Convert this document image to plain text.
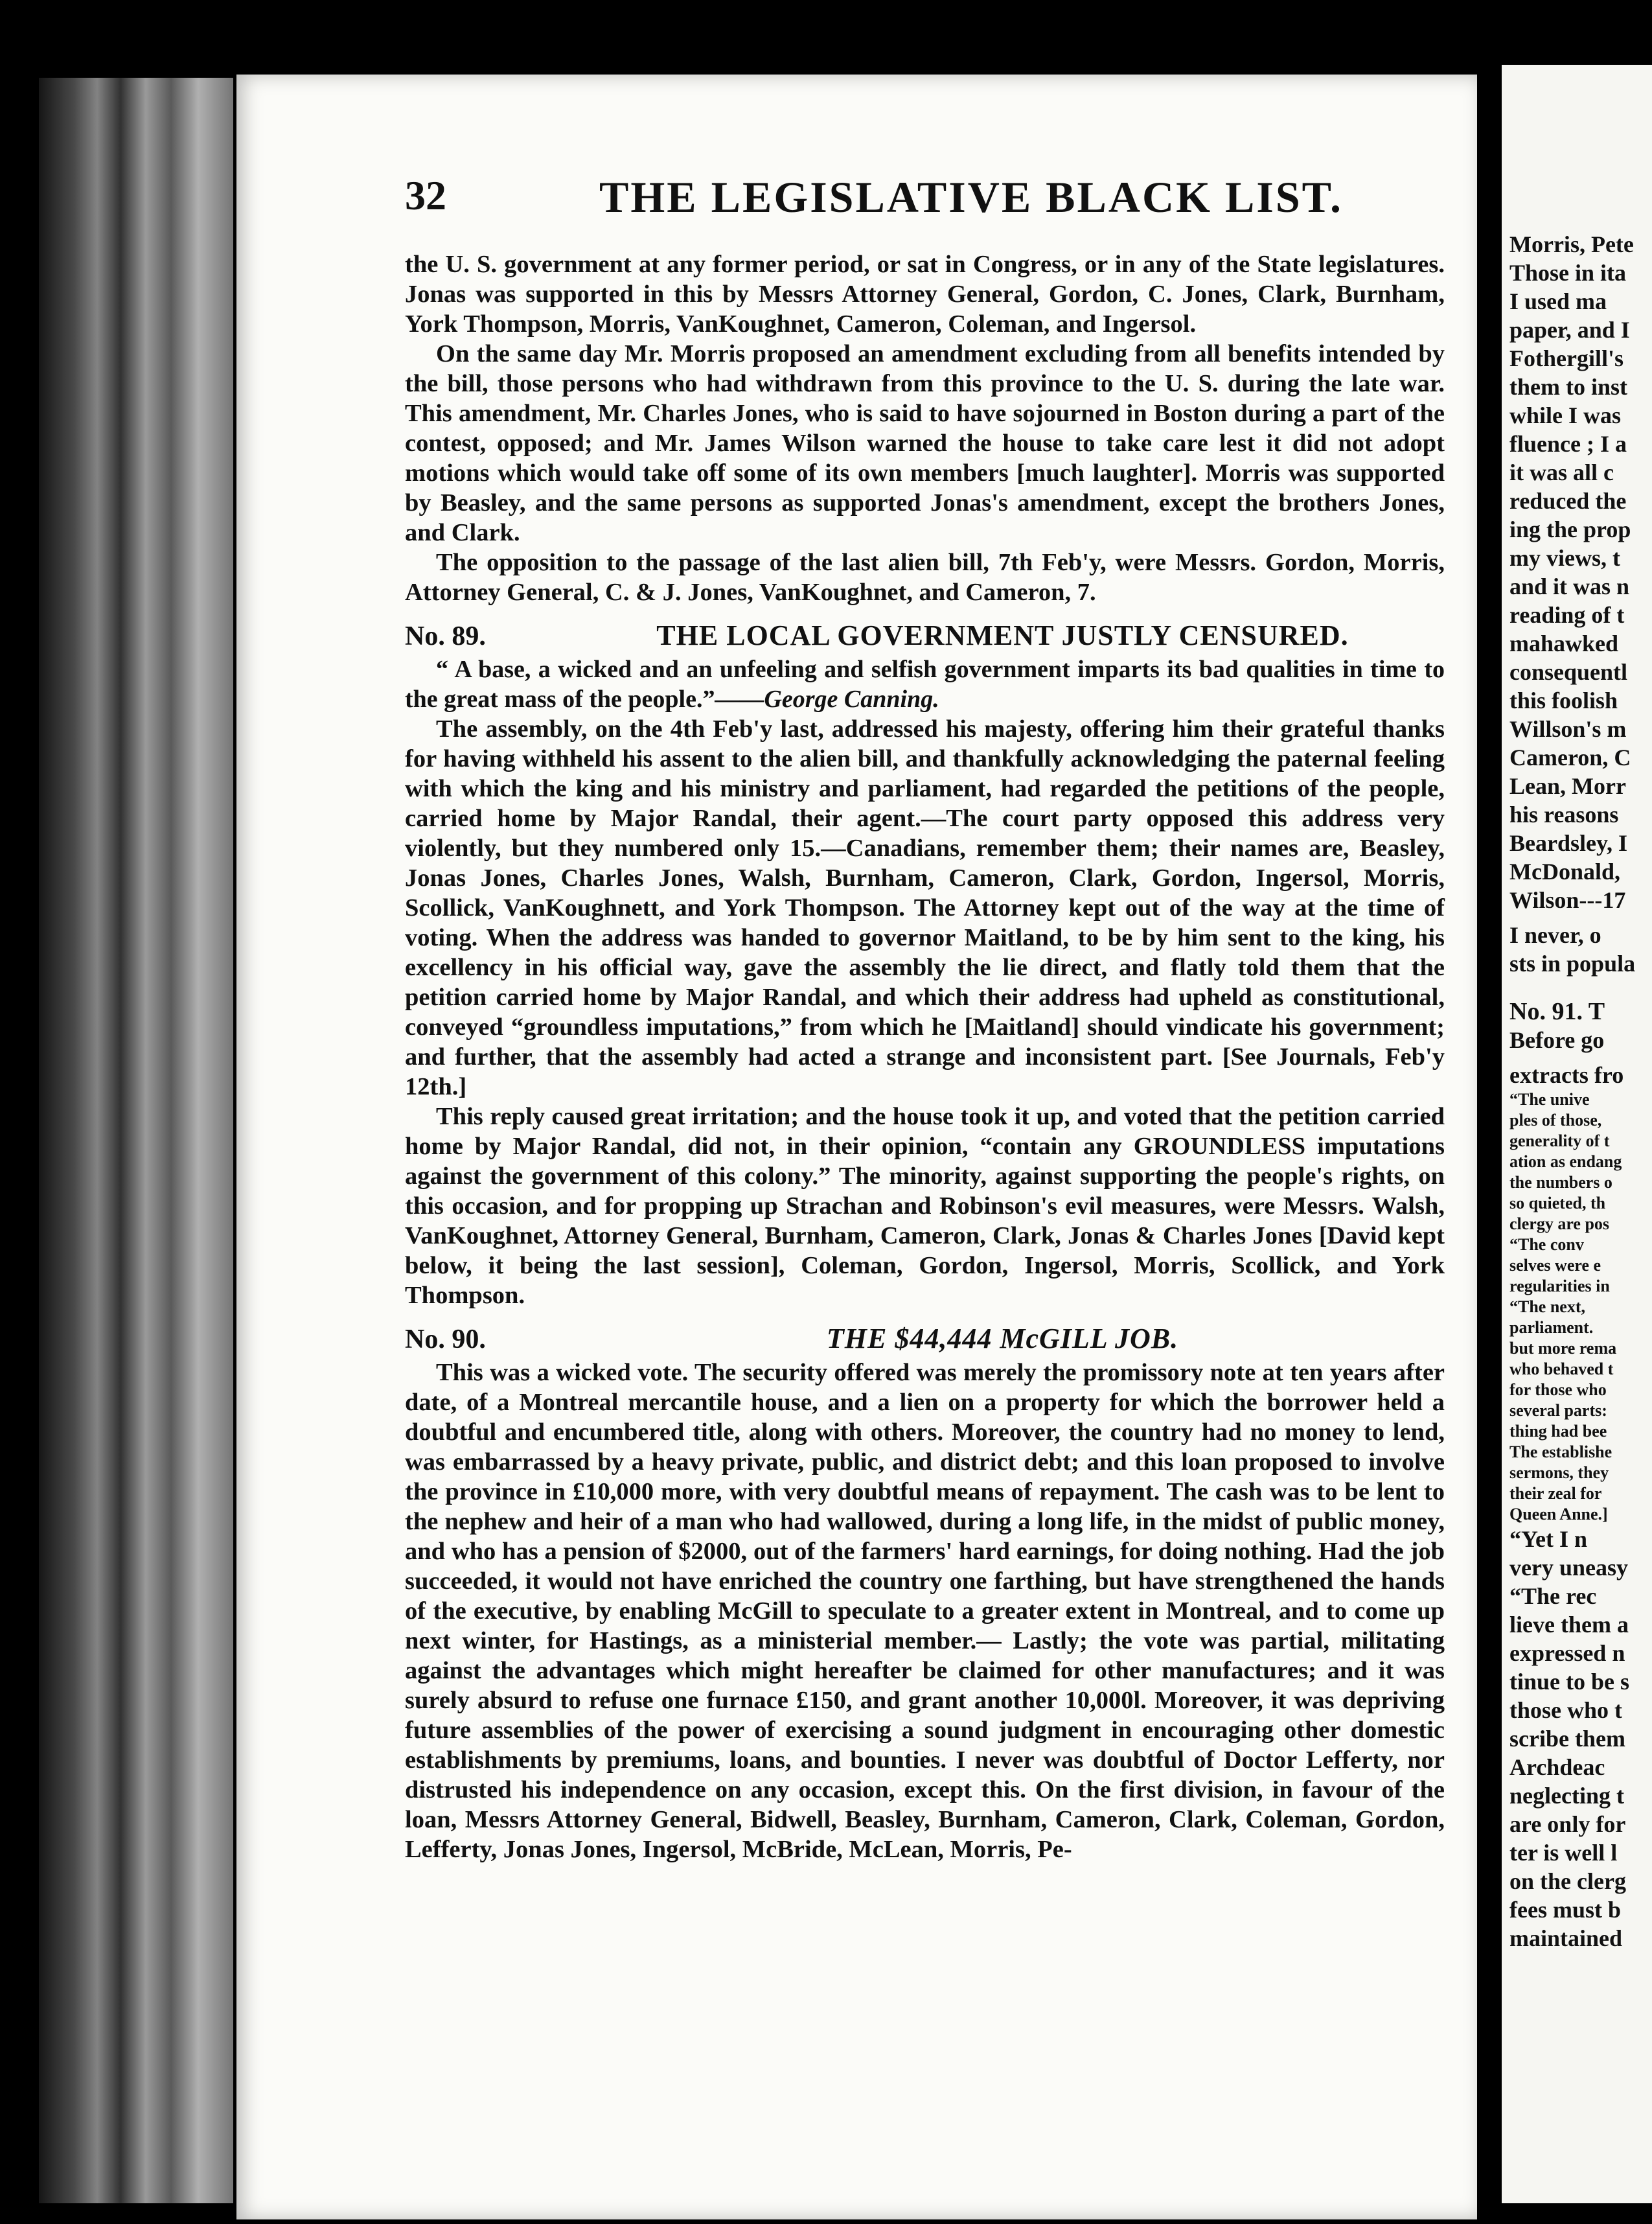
32	THE LEGISLATIVE BLACK LIST.

the U. S. government at any former period, or sat in Congress, or in any of the State legislatures. Jonas was supported in this by Messrs Attorney General, Gordon, C. Jones, Clark, Burnham, York Thompson, Morris, VanKoughnet, Cameron, Coleman, and Ingersol.

On the same day Mr. Morris proposed an amendment excluding from all benefits intended by the bill, those persons who had withdrawn from this province to the U. S. during the late war. This amendment, Mr. Charles Jones, who is said to have sojourned in Boston during a part of the contest, opposed; and Mr. James Wilson warned the house to take care lest it did not adopt motions which would take off some of its own members [much laughter]. Morris was supported by Beasley, and the same persons as supported Jonas's amendment, except the brothers Jones, and Clark.

The opposition to the passage of the last alien bill, 7th Feb'y, were Messrs. Gordon, Morris, Attorney General, C. & J. Jones, VanKoughnet, and Cameron, 7.

No. 89.	THE LOCAL GOVERNMENT JUSTLY CENSURED.

“ A base, a wicked and an unfeeling and selfish government imparts its bad qualities in time to the great mass of the people.”——George Canning.

The assembly, on the 4th Feb'y last, addressed his majesty, offering him their grateful thanks for having withheld his assent to the alien bill, and thankfully acknowledging the paternal feeling with which the king and his ministry and parliament, had regarded the petitions of the people, carried home by Major Randal, their agent.—The court party opposed this address very violently, but they numbered only 15.—Canadians, remember them; their names are, Beasley, Jonas Jones, Charles Jones, Walsh, Burnham, Cameron, Clark, Gordon, Ingersol, Morris, Scollick, VanKoughnett, and York Thompson. The Attorney kept out of the way at the time of voting. When the address was handed to governor Maitland, to be by him sent to the king, his excellency in his official way, gave the assembly the lie direct, and flatly told them that the petition carried home by Major Randal, and which their address had upheld as constitutional, conveyed “groundless imputations,” from which he [Maitland] should vindicate his government; and further, that the assembly had acted a strange and inconsistent part. [See Journals, Feb'y 12th.]

This reply caused great irritation; and the house took it up, and voted that the petition carried home by Major Randal, did not, in their opinion, “contain any GROUNDLESS imputations against the government of this colony.” The minority, against supporting the people's rights, on this occasion, and for propping up Strachan and Robinson's evil measures, were Messrs. Walsh, VanKoughnet, Attorney General, Burnham, Cameron, Clark, Jonas & Charles Jones [David kept below, it being the last session], Coleman, Gordon, Ingersol, Morris, Scollick, and York Thompson.

No. 90.	THE $44,444 McGILL JOB.

This was a wicked vote. The security offered was merely the promissory note at ten years after date, of a Montreal mercantile house, and a lien on a property for which the borrower held a doubtful and encumbered title, along with others. Moreover, the country had no money to lend, was embarrassed by a heavy private, public, and district debt; and this loan proposed to involve the province in £10,000 more, with very doubtful means of repayment. The cash was to be lent to the nephew and heir of a man who had wallowed, during a long life, in the midst of public money, and who has a pension of $2000, out of the farmers' hard earnings, for doing nothing. Had the job succeeded, it would not have enriched the country one farthing, but have strengthened the hands of the executive, by enabling McGill to speculate to a greater extent in Montreal, and to come up next winter, for Hastings, as a ministerial member.— Lastly; the vote was partial, militating against the advantages which might hereafter be claimed for other manufactures; and it was surely absurd to refuse one furnace £150, and grant another 10,000l. Moreover, it was depriving future assemblies of the power of exercising a sound judgment in encouraging other domestic establishments by premiums, loans, and bounties. I never was doubtful of Doctor Lefferty, nor distrusted his independence on any occasion, except this. On the first division, in favour of the loan, Messrs Attorney General, Bidwell, Beasley, Burnham, Cameron, Clark, Coleman, Gordon, Lefferty, Jonas Jones, Ingersol, McBride, McLean, Morris, Pe-

Morris, Pete
Those in ita
I used ma
paper, and I
Fothergill's
them to inst
while I was
fluence ; I a
it was all c
reduced the
ing the prop
my views, t
and it was n
reading of t
mahawked
consequentl
this foolish
Willson's m
Cameron, C
Lean, Morr
his reasons
Beardsley, I
McDonald,
Wilson---17
I never, o
sts in popula
No. 91. T
Before go
extracts fro
“The unive
ples of those,
generality of t
ation as endang
the numbers o
so quieted, th
clergy are pos
“The conv
selves were e
regularities in
“The next,
parliament.
but more rema
who behaved t
for those who
several parts:
thing had bee
The establishe
sermons, they
their zeal for
Queen Anne.]
“Yet I n
very uneasy
“The rec
lieve them a
expressed n
tinue to be s
those who t
scribe them
Archdeac
neglecting t
are only for
ter is well l
on the clerg
fees must b
maintained
